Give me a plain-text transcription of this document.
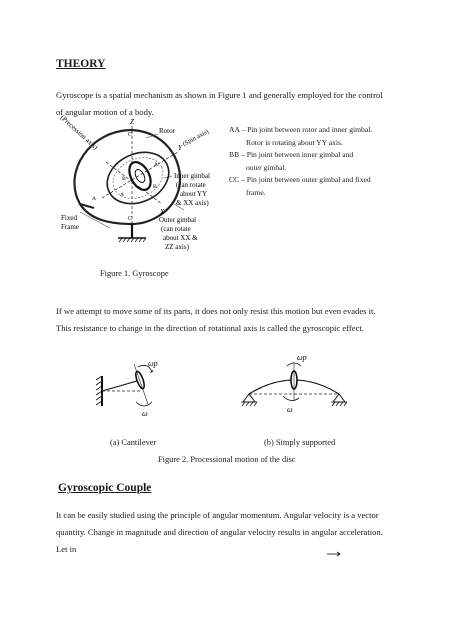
THEORY
Gyroscope is a spatial mechanism as shown in Figure 1 and generally employed for the control
of angular motion of a body.
(Precession axis)	Z
C
Y
(Spin axis)
X
B
B
A
A
A
C
Rotor
Inner gimbal
(can rotate
about YY
& XX axis)
Outer gimbal
(can rotate
about XX &
ZZ axis)
Fixed
Frame
AA – Pin joint between rotor and inner gimbal.
Rotor is rotating about YY axis.
BB – Pin joint between inner gimbal and
outer gimbal.
CC – Pin joint between outer gimbal and fixed
frame.
Figure 1. Gyroscope
If we attempt to move some of its parts, it does not only resist this motion but even evades it.
This resistance to change in the direction of rotational axis is called the gyroscopic effect.
ωp
ω
ωp
ω
(a) Cantilever	(b) Simply supported
Figure 2. Processional motion of the disc
Gyroscopic Couple
It can be easily studied using the principle of angular momentum. Angular velocity is a vector
quantity. Change in magnitude and direction of angular velocity results in angular acceleration.
Let in
